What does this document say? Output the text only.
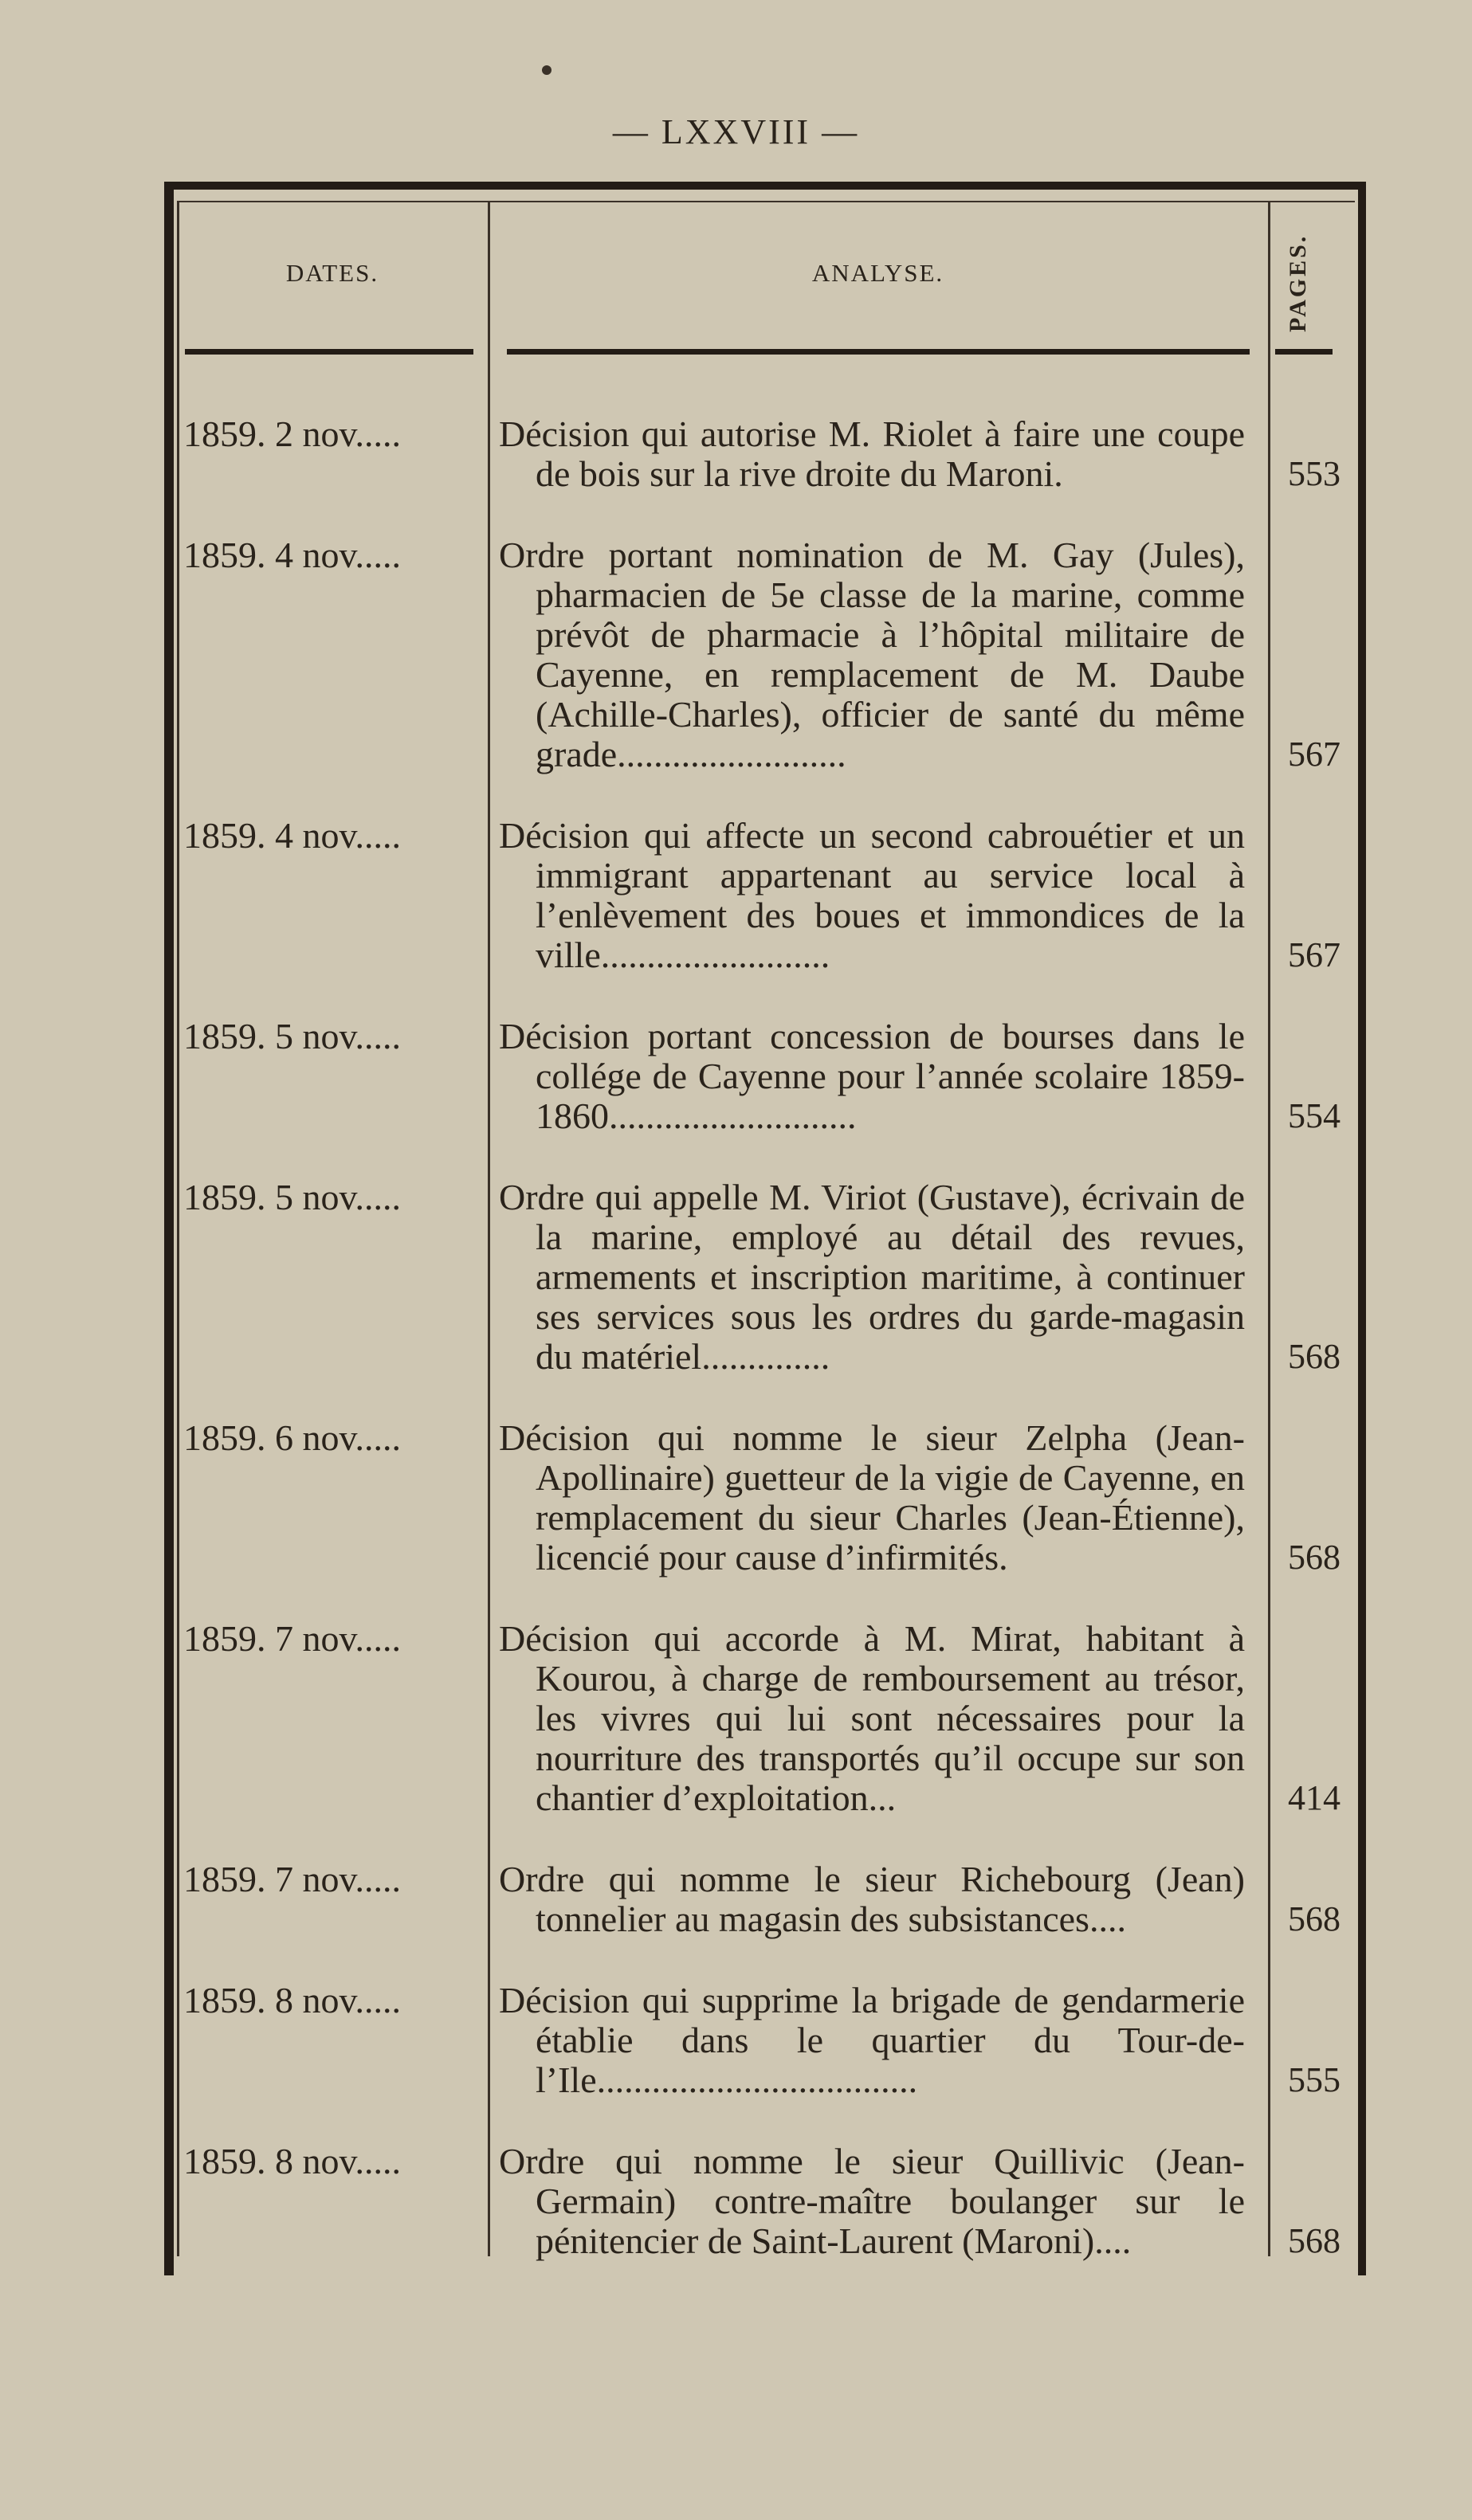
— LXXVIII —
DATES.	ANALYSE.	PAGES.
1859. 2 nov.....	Décision qui autorise M. Riolet à faire une coupe de bois sur la rive droite du Maroni.	553
1859. 4 nov.....	Ordre portant nomination de M. Gay (Jules), pharmacien de 5e classe de la marine, comme prévôt de pharmacie à l’hôpital militaire de Cayenne, en remplacement de M. Daube (Achille-Charles), officier de santé du même grade.........................	567
1859. 4 nov.....	Décision qui affecte un second cabrouétier et un immigrant appartenant au service local à l’enlèvement des boues et immondices de la ville.........................	567
1859. 5 nov.....	Décision portant concession de bourses dans le collége de Cayenne pour l’année scolaire 1859-1860...........................	554
1859. 5 nov.....	Ordre qui appelle M. Viriot (Gustave), écrivain de la marine, employé au détail des revues, armements et inscription maritime, à continuer ses services sous les ordres du garde-magasin du matériel..............	568
1859. 6 nov.....	Décision qui nomme le sieur Zelpha (Jean-Apollinaire) guetteur de la vigie de Cayenne, en remplacement du sieur Charles (Jean-Étienne), licencié pour cause d’infirmités.	568
1859. 7 nov.....	Décision qui accorde à M. Mirat, habitant à Kourou, à charge de remboursement au trésor, les vivres qui lui sont nécessaires pour la nourriture des transportés qu’il occupe sur son chantier d’exploitation...	414
1859. 7 nov.....	Ordre qui nomme le sieur Richebourg (Jean) tonnelier au magasin des subsistances....	568
1859. 8 nov.....	Décision qui supprime la brigade de gendarmerie établie dans le quartier du Tour-de-l’Ile...................................	555
1859. 8 nov.....	Ordre qui nomme le sieur Quillivic (Jean-Germain) contre-maître boulanger sur le pénitencier de Saint-Laurent (Maroni)....	568
